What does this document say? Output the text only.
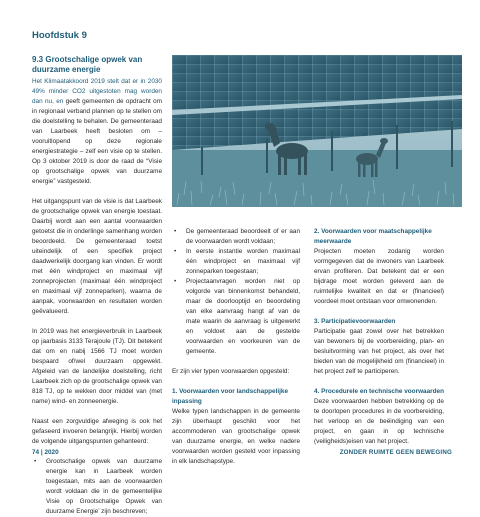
Hoofdstuk 9
9.3 Grootschalige opwek van duurzame energie

Het Klimaatakkoord 2019 stelt dat er in 2030 49% minder CO2 uitgestoten mag worden dan nu, en geeft gemeenten de opdracht om in regionaal verband plannen op te stellen om die doelstelling te behalen. De gemeenteraad van Laarbeek heeft besloten om – vooruitlopend op deze regionale energiestrategie – zelf een visie op te stellen. Op 3 oktober 2019 is door de raad de “Visie op grootschalige opwek van duurzame energie” vastgesteld.

Het uitgangspunt van de visie is dat Laarbeek de grootschalige opwek van energie toestaat. Daarbij wordt aan een aantal voorwaarden getoetst die in onderlinge samenhang worden beoordeeld. De gemeenteraad toetst uiteindelijk of een specifiek project daadwerkelijk doorgang kan vinden. Er wordt met één windproject en maximaal vijf zonneprojecten (maximaal één windproject en maximaal vijf zonneparken), waarna de aanpak, voorwaarden en resultaten worden geëvalueerd.

In 2019 was het energieverbruik in Laarbeek op jaarbasis 3133 Terajoule (TJ). Dit betekent dat om en nabij 1566 TJ moet worden bespaard of/wel duurzaam opgewekt. Afgeleid van de landelijke doelstelling, richt Laarbeek zich op de grootschalige opwek van 818 TJ, op te wekken door middel van (met name) wind- en zonneenergie.

Naast een zorgvuldige afweging is ook het gefaseerd invoeren belangrijk. Hierbij worden de volgende uitgangspunten gehanteerd:

• Grootschalige opwek van duurzame energie kan in Laarbeek worden toegestaan, mits aan de voorwaarden wordt voldaan die in de gemeentelijke Visie op Grootschalige Opwek van duurzame Energie’ zijn beschreven;
• De gemeenteraad beoordeelt of er aan de voorwaarden wordt voldaan;
• In eerste instantie worden maximaal één windproject en maximaal vijf zonneparken toegestaan;
• Projectaanvragen worden niet op volgorde van binnenkomst behandeld, maar de doorlooptijd en beoordeling van elke aanvraag hangt af van de mate waarin de aanvraag is uitgewerkt en voldoet aan de gestelde voorwaarden en voorkeuren van de gemeente.

Er zijn vier typen voorwaarden opgesteld:

1. Voorwaarden voor landschappelijke inpassing

Welke typen landschappen in de gemeente zijn überhaupt geschikt voor het accommoderen van grootschalige opwek van duurzame energie, en welke nadere voorwaarden worden gesteld voor inpassing in elk landschapstype.

2. Voorwaarden voor maatschappelijke meerwaarde

Projecten moeten zodanig worden vormgegeven dat de inwoners van Laarbeek ervan profiteren. Dat betekent dat er een bijdrage moet worden geleverd aan de ruimtelijke kwaliteit en dat er (financieel) voordeel moet ontstaan voor omwonenden.

3. Participatievoorwaarden

Participatie gaat zowel over het betrekken van bewoners bij de voorbereiding, plan- en besluitvorming van het project, als over het bieden van de mogelijkheid om (financieel) in het project zelf te participeren.

4. Procedurele en technische voorwaarden

Deze voorwaarden hebben betrekking op de te doorlopen procedures in de voorbereiding, het verloop en de beëindiging van een project, en gaan in op technische (veiligheids)eisen van het project.

74 | 2020	ZONDER RUIMTE GEEN BEWEGING
